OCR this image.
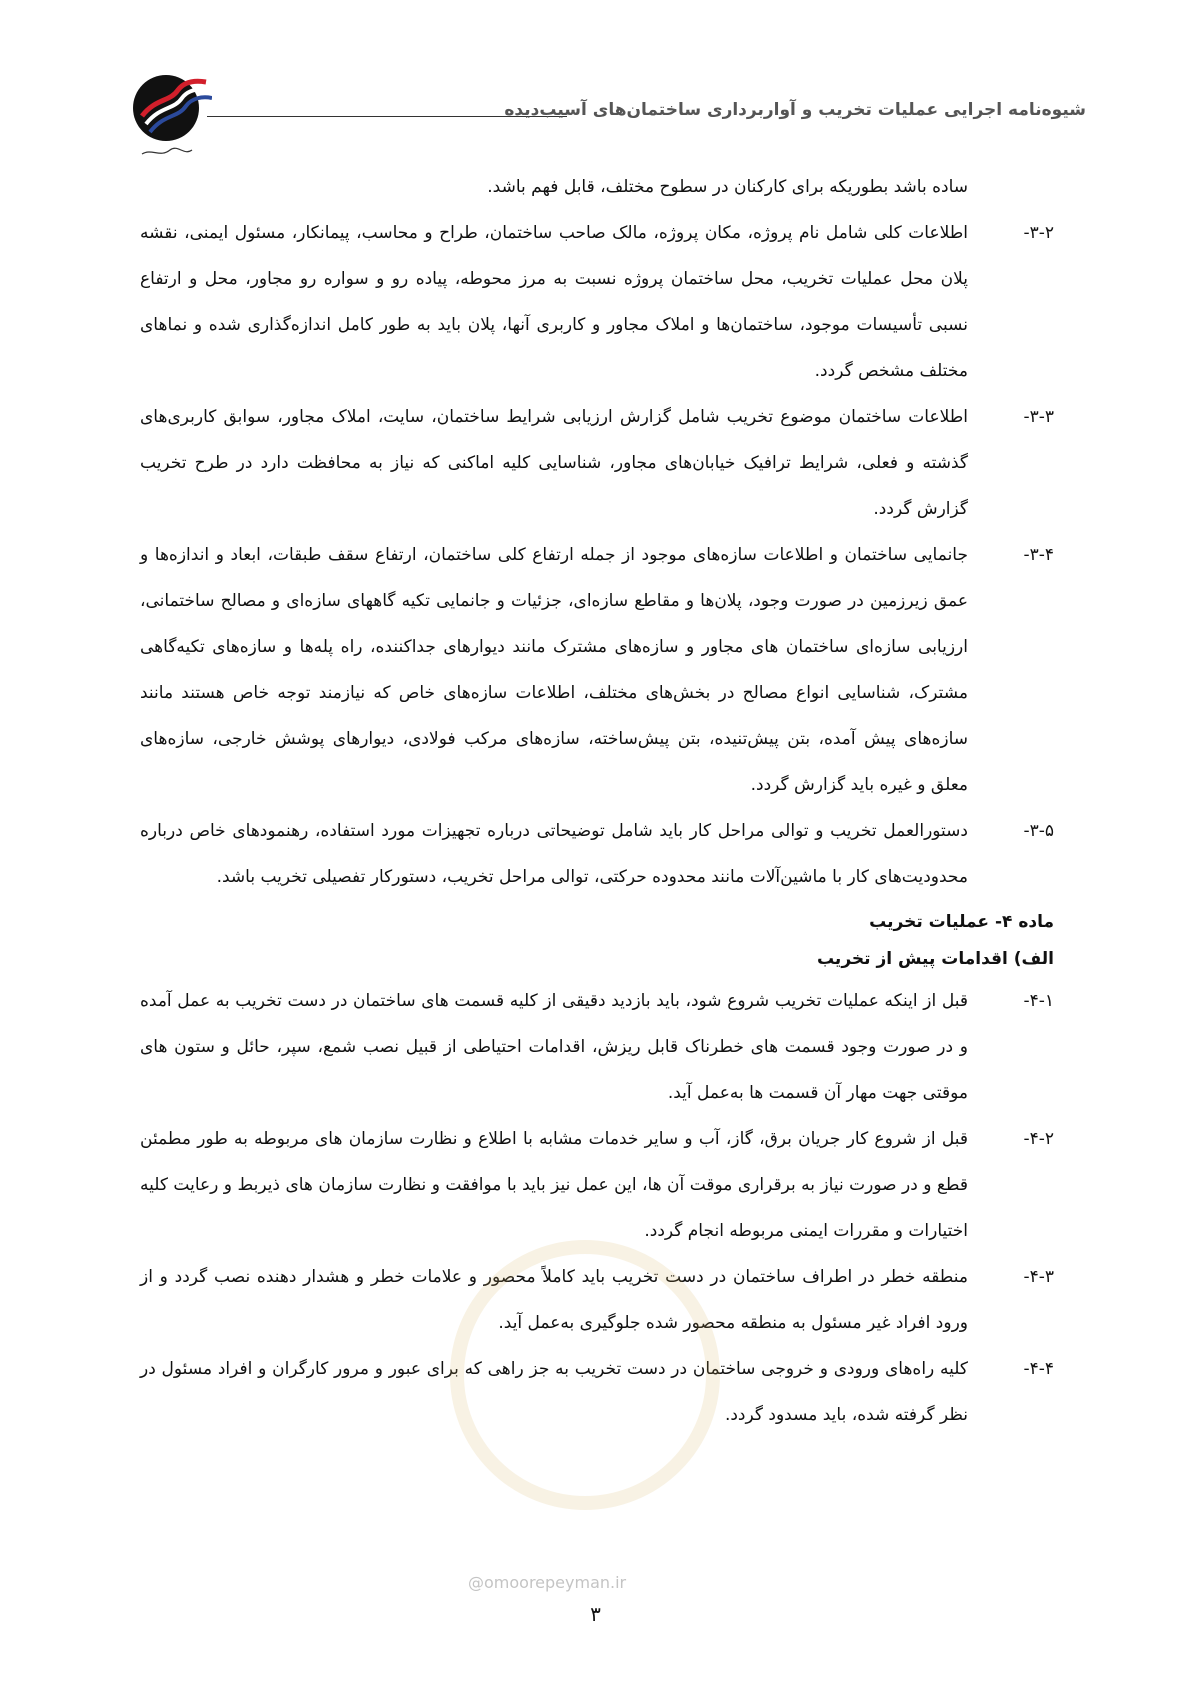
شیوه‌نامه اجرایی عملیات تخریب و آواربرداری ساختمان‌های آسیب‌دیده
ساده باشد بطوریکه برای کارکنان در سطوح مختلف، قابل فهم باشد.
۳-۲-
اطلاعات کلی شامل نام پروژه، مکان پروژه، مالک صاحب ساختمان، طراح و محاسب، پیمانکار، مسئول ایمنی، نقشه پلان محل عملیات تخریب، محل ساختمان پروژه نسبت به مرز محوطه، پیاده رو و سواره رو مجاور، محل و ارتفاع نسبی تأسیسات موجود، ساختمان‌ها و املاک مجاور و کاربری آنها، پلان باید به طور کامل اندازه‌گذاری شده و نماهای مختلف مشخص گردد.
۳-۳-
اطلاعات ساختمان موضوع تخریب شامل گزارش ارزیابی شرایط ساختمان، سایت، املاک مجاور، سوابق کاربری‌های گذشته و فعلی، شرایط ترافیک خیابان‌های مجاور، شناسایی کلیه اماکنی که نیاز به محافظت دارد در طرح تخریب گزارش گردد.
۳-۴-
جانمایی ساختمان و اطلاعات سازه‌های موجود از جمله ارتفاع کلی ساختمان، ارتفاع سقف طبقات، ابعاد و اندازه‌ها و عمق زیرزمین در صورت وجود، پلان‌ها و مقاطع سازه‌ای، جزئیات و جانمایی تکیه گاههای سازه‌ای و مصالح ساختمانی، ارزیابی سازه‌ای ساختمان های مجاور و سازه‌های مشترک مانند دیوارهای جداکننده، راه پله‌ها و سازه‌های تکیه‌گاهی مشترک، شناسایی انواع مصالح در بخش‌های مختلف، اطلاعات سازه‌های خاص که نیازمند توجه خاص هستند مانند سازه‌های پیش آمده، بتن پیش‌تنیده، بتن پیش‌ساخته، سازه‌های مرکب فولادی، دیوارهای پوشش خارجی، سازه‌های معلق و غیره باید گزارش گردد.
۳-۵-
دستورالعمل تخریب و توالی مراحل کار باید شامل توضیحاتی درباره تجهیزات مورد استفاده، رهنمودهای خاص درباره محدودیت‌های کار با ماشین‌آلات مانند محدوده حرکتی، توالی مراحل تخریب، دستورکار تفصیلی تخریب باشد.
ماده ۴- عملیات تخریب
الف) اقدامات پیش از تخریب
۴-۱-
قبل از اینکه عملیات تخریب شروع شود، باید بازدید دقیقی از کلیه قسمت های ساختمان در دست تخریب به عمل آمده و در صورت وجود قسمت های خطرناک قابل ریزش، اقدامات احتیاطی از قبیل نصب شمع، سپر، حائل و ستون های موقتی جهت مهار آن قسمت ها به‌عمل آید.
۴-۲-
قبل از شروع کار جریان برق، گاز، آب و سایر خدمات مشابه با اطلاع و نظارت سازمان های مربوطه به طور مطمئن قطع و در صورت نیاز به برقراری موقت آن ها، این عمل نیز باید با موافقت و نظارت سازمان های ذیربط و رعایت کلیه اختیارات و مقررات ایمنی مربوطه انجام گردد.
۴-۳-
منطقه خطر در اطراف ساختمان در دست تخریب باید کاملاً محصور و علامات خطر و هشدار دهنده نصب گردد و از ورود افراد غیر مسئول به منطقه محصور شده جلوگیری به‌عمل آید.
۴-۴-
کلیه راه‌های ورودی و خروجی ساختمان در دست تخریب به جز راهی که برای عبور و مرور کارگران و افراد مسئول در نظر گرفته شده، باید مسدود گردد.
@omoorepeyman.ir
۳
